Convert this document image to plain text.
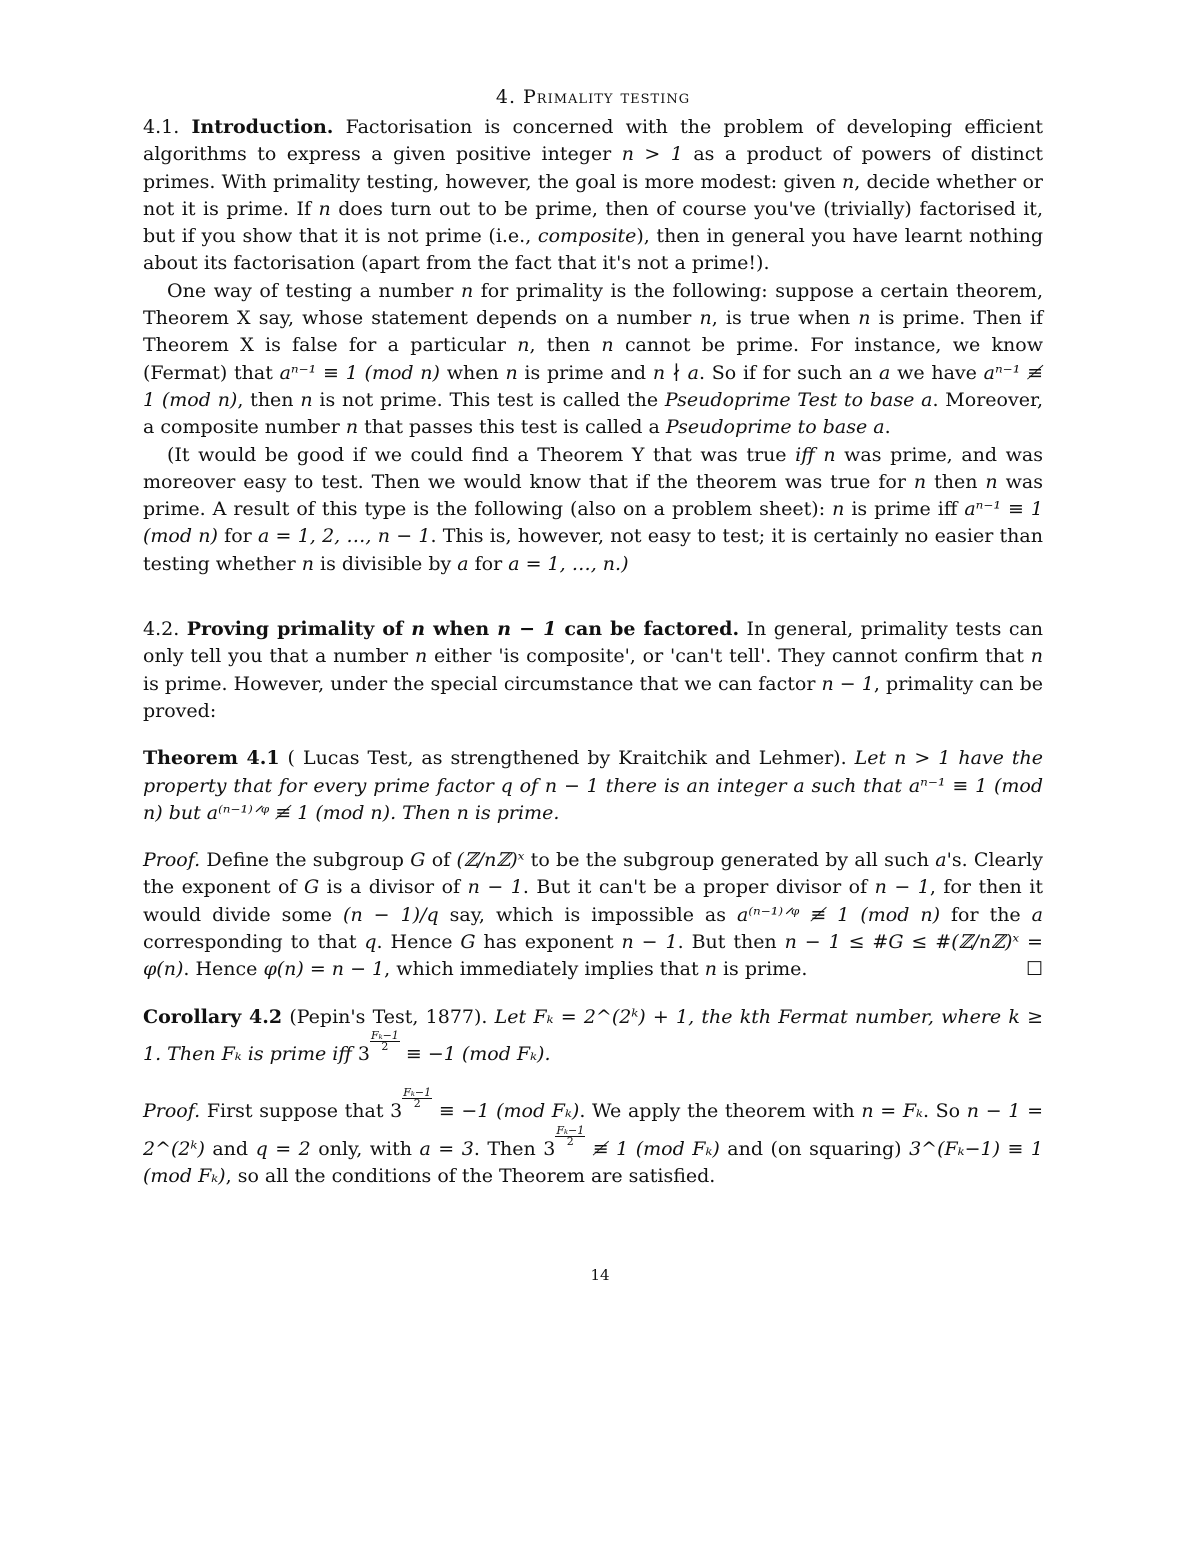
4. Primality testing

4.1. Introduction. Factorisation is concerned with the problem of developing efficient algorithms to express a given positive integer n > 1 as a product of powers of distinct primes. With primality testing, however, the goal is more modest: given n, decide whether or not it is prime. If n does turn out to be prime, then of course you've (trivially) factorised it, but if you show that it is not prime (i.e., composite), then in general you have learnt nothing about its factorisation (apart from the fact that it's not a prime!).

One way of testing a number n for primality is the following: suppose a certain theorem, Theorem X say, whose statement depends on a number n, is true when n is prime. Then if Theorem X is false for a particular n, then n cannot be prime. For instance, we know (Fermat) that aⁿ⁻¹ ≡ 1 (mod n) when n is prime and n ∤ a. So if for such an a we have aⁿ⁻¹ ≢ 1 (mod n), then n is not prime. This test is called the Pseudoprime Test to base a. Moreover, a composite number n that passes this test is called a Pseudoprime to base a.

(It would be good if we could find a Theorem Y that was true iff n was prime, and was moreover easy to test. Then we would know that if the theorem was true for n then n was prime. A result of this type is the following (also on a problem sheet): n is prime iff aⁿ⁻¹ ≡ 1 (mod n) for a = 1, 2, …, n − 1. This is, however, not easy to test; it is certainly no easier than testing whether n is divisible by a for a = 1, …, n.)

4.2. Proving primality of n when n − 1 can be factored. In general, primality tests can only tell you that a number n either 'is composite', or 'can't tell'. They cannot confirm that n is prime. However, under the special circumstance that we can factor n − 1, primality can be proved:

Theorem 4.1 ( Lucas Test, as strengthened by Kraitchik and Lehmer). Let n > 1 have the property that for every prime factor q of n − 1 there is an integer a such that aⁿ⁻¹ ≡ 1 (mod n) but a⁽ⁿ⁻¹⁾ᐟᵠ ≢ 1 (mod n). Then n is prime.

Proof. Define the subgroup G of (ℤ/nℤ)ˣ to be the subgroup generated by all such a's. Clearly the exponent of G is a divisor of n − 1. But it can't be a proper divisor of n − 1, for then it would divide some (n − 1)/q say, which is impossible as a⁽ⁿ⁻¹⁾ᐟᵠ ≢ 1 (mod n) for the a corresponding to that q. Hence G has exponent n − 1. But then n − 1 ≤ #G ≤ #(ℤ/nℤ)ˣ = φ(n). Hence φ(n) = n − 1, which immediately implies that n is prime.	☐

Corollary 4.2 (Pepin's Test, 1877). Let Fₖ = 2^(2ᵏ) + 1, the kth Fermat number, where k ≥ 1. Then Fₖ is prime iff 3
$\frac{\text{Fₖ−1}}{2}$
≡ −1 (mod Fₖ).

Proof. First suppose that 3
$\frac{\text{Fₖ−1}}{2}$
≡ −1 (mod Fₖ). We apply the theorem with n = Fₖ. So n − 1 = 2^(2ᵏ) and q = 2 only, with a = 3. Then 3
$\frac{\text{Fₖ−1}}{2}$
≢ 1 (mod Fₖ) and (on squaring) 3^(Fₖ−1) ≡ 1 (mod Fₖ), so all the conditions of the Theorem are satisfied.

14
